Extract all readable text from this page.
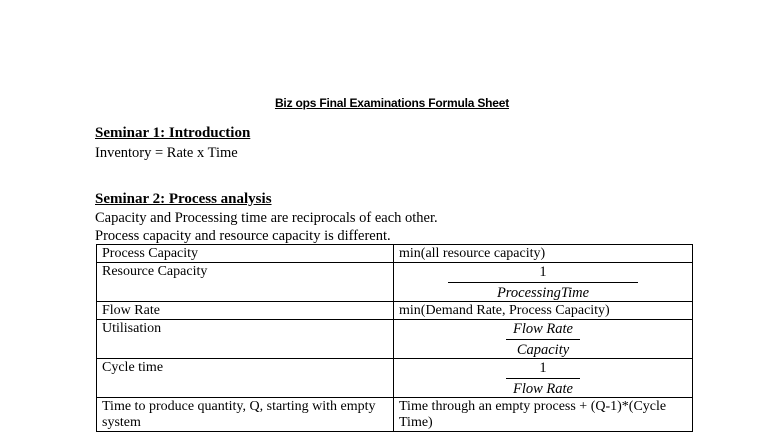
Biz ops Final Examinations Formula Sheet
Seminar 1: Introduction
Inventory = Rate x Time
Seminar 2: Process analysis
Capacity and Processing time are reciprocals of each other.
Process capacity and resource capacity is different.
Process Capacity	min(all resource capacity)
Resource Capacity	1
ProcessingTime

Flow Rate	min(Demand Rate, Process Capacity)
Utilisation	Flow Rate
Capacity

Cycle time	1
Flow Rate

Time to produce quantity, Q, starting with empty system	Time through an empty process + (Q-1)*(Cycle Time)
